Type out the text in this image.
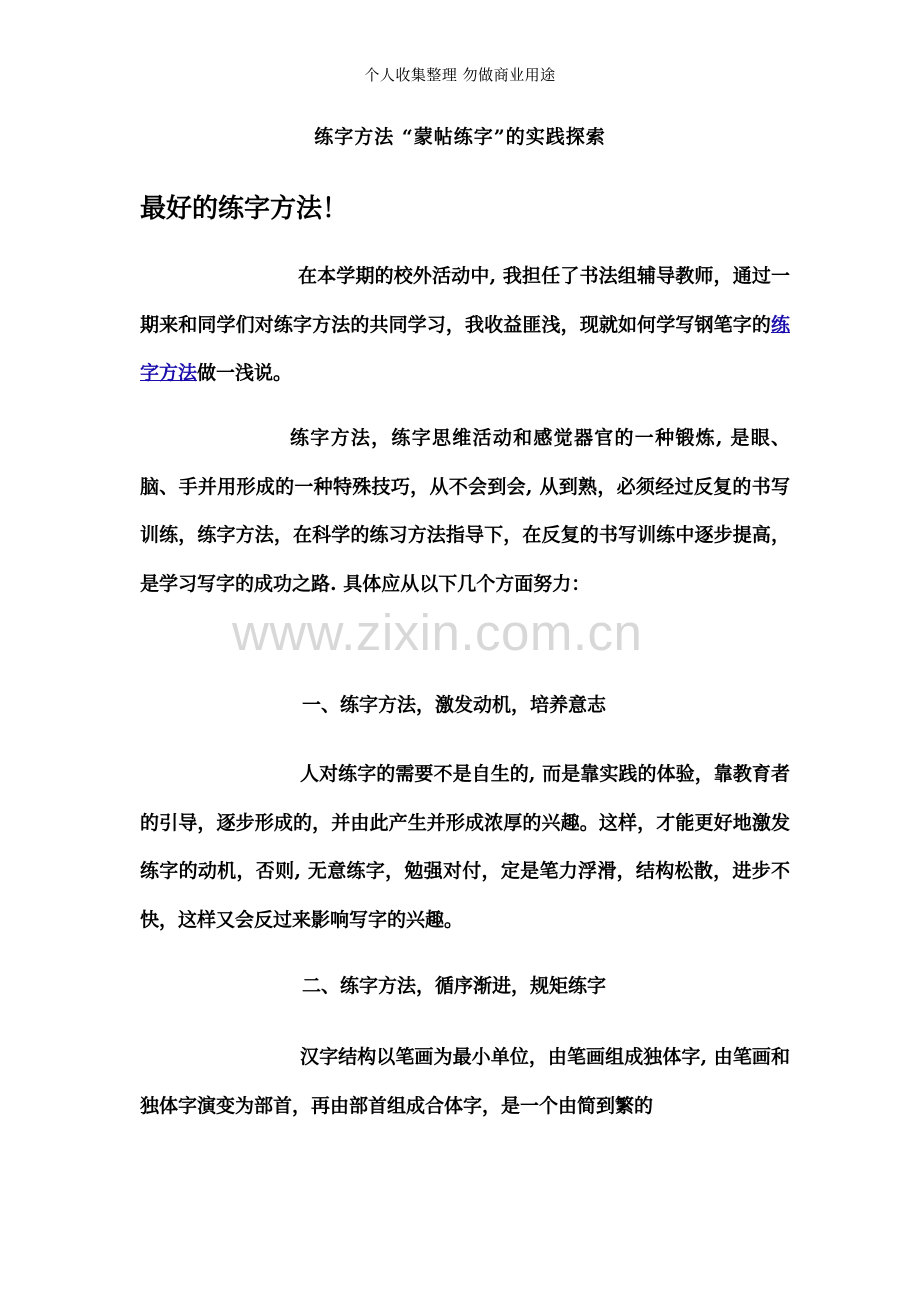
个人收集整理 勿做商业用途
练字方法 “蒙帖练字”的实践探索
最好的练字方法！
在本学期的校外活动中, 我担任了书法组辅导教师，通过一期来和同学们对练字方法的共同学习，我收益匪浅，现就如何学写钢笔字的练字方法做一浅说。
练字方法，练字思维活动和感觉器官的一种锻炼, 是眼、脑、手并用形成的一种特殊技巧，从不会到会, 从到熟，必须经过反复的书写训练，练字方法，在科学的练习方法指导下，在反复的书写训练中逐步提高，是学习写字的成功之路. 具体应从以下几个方面努力：
一、练字方法，激发动机，培养意志
人对练字的需要不是自生的, 而是靠实践的体验，靠教育者的引导，逐步形成的，并由此产生并形成浓厚的兴趣。这样，才能更好地激发练字的动机，否则, 无意练字，勉强对付，定是笔力浮滑，结构松散，进步不快，这样又会反过来影响写字的兴趣。
二、练字方法，循序渐进，规矩练字
汉字结构以笔画为最小单位，由笔画组成独体字, 由笔画和独体字演变为部首，再由部首组成合体字，是一个由简到繁的
www.zixin.com.cn
